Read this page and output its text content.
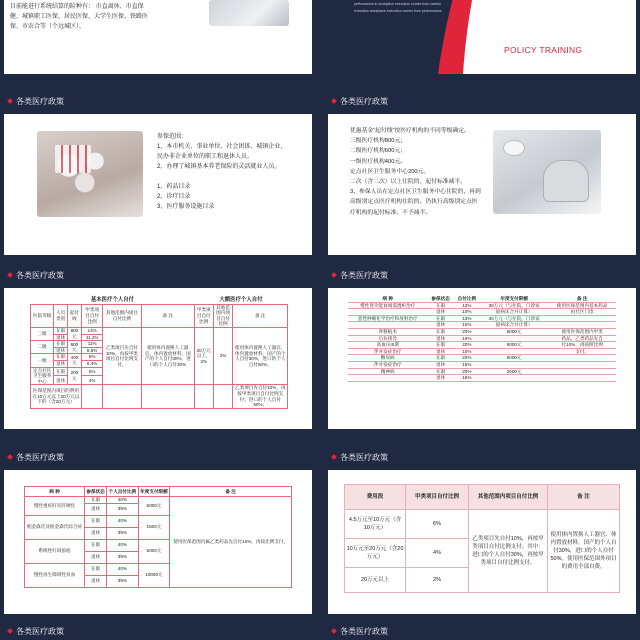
目前能进行系统结算的险种有： 市直离休、市直保
健、城镇职工医保、居民医保、大学生医保、铁路医
保、市农合等（个远城区）。
performance in workplace execution comes from careful
execution workplace execution comes from performance
POLICY TRAINING
各类医疗政策
参保范围：
1、本市机关、事业单位、社会团体、城镇企业、
民办非企业单位的职工和退休人员。
2、办理了城镇基本养老保险的灵活就业人员。

1、药品目录
2、诊疗目录
3、医疗服务设施目录
各类医疗政策
优惠基金“起付线”按医疗机构的不同等级确定。
三级医疗机构800元；
二级医疗机构600元；
一级医疗机构400元。
定点社区卫生服务中心200元。
二次（含二次）以上住院的，起付标准减半。
3、参保人员在定点社区卫生服务中心住院的，再到
高级别定点医疗机构住院的，仍执行高级别定点医
疗机构的起付标准，不予减半。
各类医疗政策
基本医疗个人自付						大额医疗个人自付		
医院等级	人员类别	起付线	甲类项目自付比例	其他范围内项目自付比例	备 注	甲类项目自付比例	其他范围内项目自付比例	备 注
三级	在职	800元	14%	乙类项目先自付10%，再按甲类项目自付比例支付。	使用体内置换人工器官、体内置放材料，国产的个人自付30%，进口的个人自付30%	20万元以上，2%	2%	使用体内置换人工器官，体内置放材料，国产的个人自付30%，进口的个人自付50%。
	退休		11.2%					
二级	在职	600元	11%					
	退休		8.8%					
一级	在职	400元	8%					
	退休		6.4%					
定点社区卫生服务中心	在职	200元	5%					
	退休		4%					
医保范围内项目的费用在10万元以上20万元以下的（含20万元）								乙类项目先自付10%，再按甲类项目自付比例支付；进口的个人自付50%；
各类医疗政策
病 种	参保状态	自付比例	年度支付限额	备 注
慢性肾功能衰竭需透析治疗	在职	13%	30万元（与住院、门诊家	使用医保范围内基本药品
	退休	10%	庭病床合并计算）	由社区门诊
恶性肿瘤化学治疗和放射治疗	在职	13%	30万元（与住院、门诊家	
	退休	10%	庭病床合并计算）	
肾移植术	在职	20%	5000元	使用医保范围内甲类
后抗排异	退休	15%		药品，乙类药品先自
高血压III期	在职	20%	5000元	付10%，再按照比例
伴并发症治疗	退休	15%		支付。
糖尿病	在职	20%	5000元	
伴并发症治疗	退休	15%		
精神病	在职	20%	2000元	
	退休	15%		
各类医疗政策
病 种	参保状态	个人自付比例	年度支付限额	备 注
慢性重症肝炎肝硬化	在职	40%	5000元	使用医保范围内属乙类药品先自付10%，再按比例支付。
	退休	35%		
帕金森氏及帕金森氏综合症	在职	40%	1500元	
	退休	35%		
系统性红斑狼疮	在职	40%	5000元	
	退休	35%		
慢性再生障碍性贫血	在职	40%	10000元	
	退休	35%		
各类医疗政策
费用段	甲类项目自付比例	其他范围内项目自付比例	备 注
4.5万元至10万元（含10万元）	6%	乙类项目先自付10%，再按甲类项目自付比例支付；其中：进口的个人自付30%，再按甲类项目自付比例支付。	使用体内置换人工器官、体内置放材料，国产的个人自付30%，进口的个人自付50%。使用医保范围外项目的费用全部自费。
10万元至20万元（含20万元）	4%		
20万元以上	2%		
各类医疗政策	各类医疗政策
